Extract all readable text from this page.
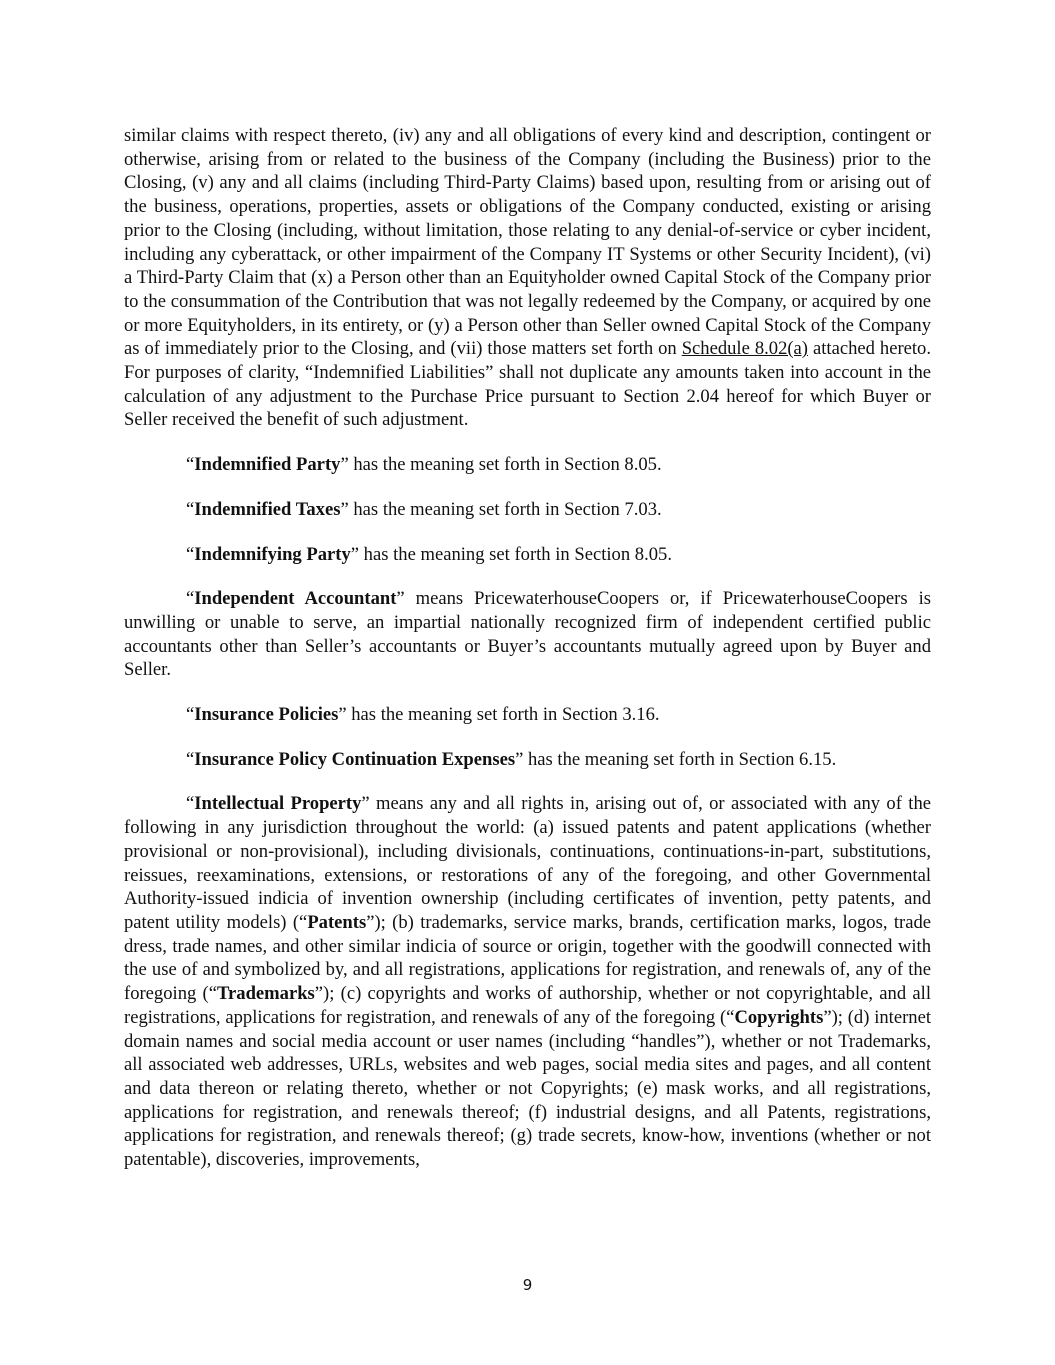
similar claims with respect thereto, (iv) any and all obligations of every kind and description, contingent or otherwise, arising from or related to the business of the Company (including the Business) prior to the Closing, (v) any and all claims (including Third-Party Claims) based upon, resulting from or arising out of the business, operations, properties, assets or obligations of the Company conducted, existing or arising prior to the Closing (including, without limitation, those relating to any denial-of-service or cyber incident, including any cyberattack, or other impairment of the Company IT Systems or other Security Incident), (vi) a Third-Party Claim that (x) a Person other than an Equityholder owned Capital Stock of the Company prior to the consummation of the Contribution that was not legally redeemed by the Company, or acquired by one or more Equityholders, in its entirety, or (y) a Person other than Seller owned Capital Stock of the Company as of immediately prior to the Closing, and (vii) those matters set forth on Schedule 8.02(a) attached hereto. For purposes of clarity, “Indemnified Liabilities” shall not duplicate any amounts taken into account in the calculation of any adjustment to the Purchase Price pursuant to Section 2.04 hereof for which Buyer or Seller received the benefit of such adjustment.

“Indemnified Party” has the meaning set forth in Section 8.05.

“Indemnified Taxes” has the meaning set forth in Section 7.03.

“Indemnifying Party” has the meaning set forth in Section 8.05.

“Independent Accountant” means PricewaterhouseCoopers or, if PricewaterhouseCoopers is unwilling or unable to serve, an impartial nationally recognized firm of independent certified public accountants other than Seller’s accountants or Buyer’s accountants mutually agreed upon by Buyer and Seller.

“Insurance Policies” has the meaning set forth in Section 3.16.

“Insurance Policy Continuation Expenses” has the meaning set forth in Section 6.15.

“Intellectual Property” means any and all rights in, arising out of, or associated with any of the following in any jurisdiction throughout the world: (a) issued patents and patent applications (whether provisional or non-provisional), including divisionals, continuations, continuations-in-part, substitutions, reissues, reexaminations, extensions, or restorations of any of the foregoing, and other Governmental Authority-issued indicia of invention ownership (including certificates of invention, petty patents, and patent utility models) (“Patents”); (b) trademarks, service marks, brands, certification marks, logos, trade dress, trade names, and other similar indicia of source or origin, together with the goodwill connected with the use of and symbolized by, and all registrations, applications for registration, and renewals of, any of the foregoing (“Trademarks”); (c) copyrights and works of authorship, whether or not copyrightable, and all registrations, applications for registration, and renewals of any of the foregoing (“Copyrights”); (d) internet domain names and social media account or user names (including “handles”), whether or not Trademarks, all associated web addresses, URLs, websites and web pages, social media sites and pages, and all content and data thereon or relating thereto, whether or not Copyrights; (e) mask works, and all registrations, applications for registration, and renewals thereof; (f) industrial designs, and all Patents, registrations, applications for registration, and renewals thereof; (g) trade secrets, know-how, inventions (whether or not patentable), discoveries, improvements,

9
